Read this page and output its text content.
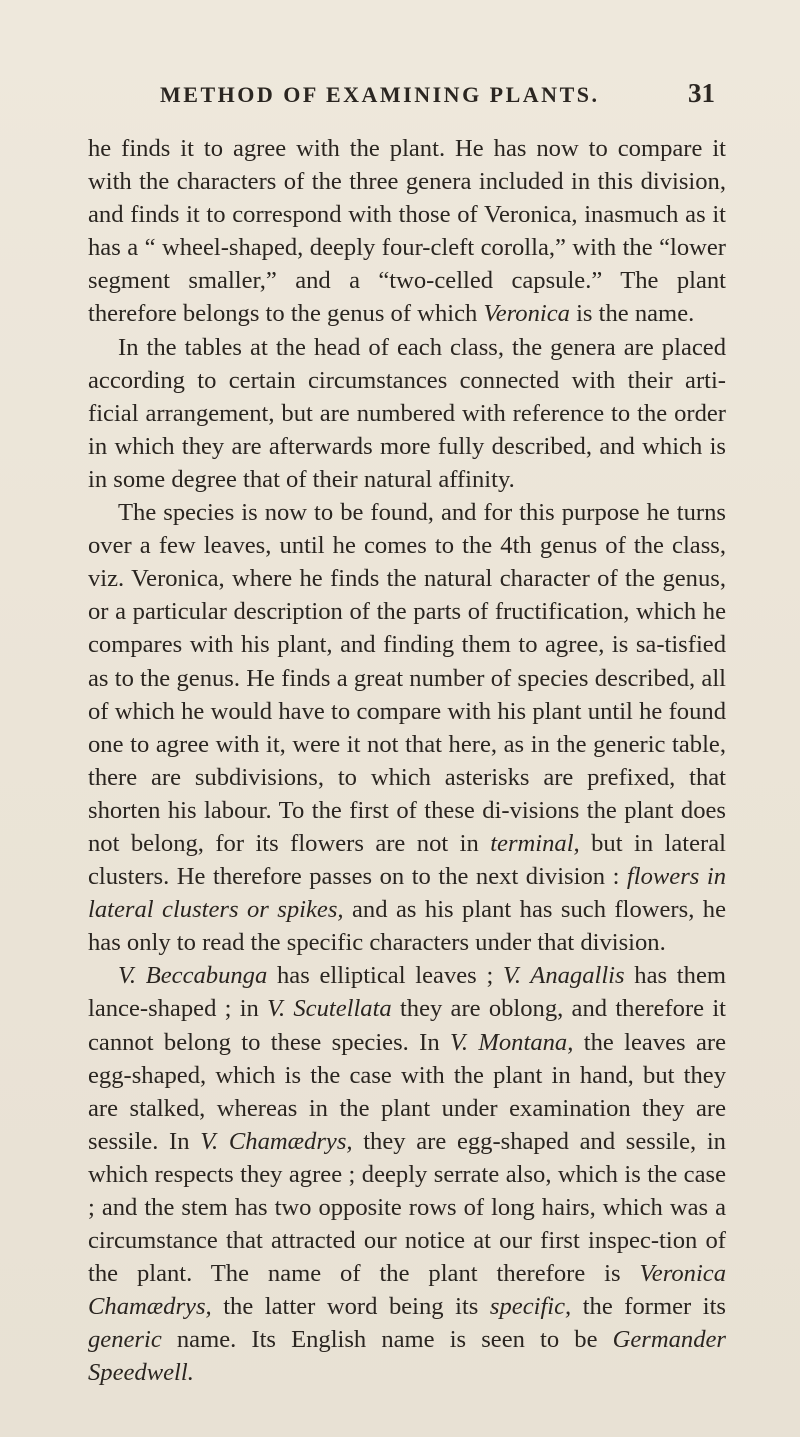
METHOD OF EXAMINING PLANTS.	31

he finds it to agree with the plant. He has now to compare it with the characters of the three genera included in this division, and finds it to correspond with those of Veronica, inasmuch as it has a “ wheel-shaped, deeply four-cleft corolla,” with the “lower segment smaller,” and a “two-celled capsule.” The plant therefore belongs to the genus of which Veronica is the name.

In the tables at the head of each class, the genera are placed according to certain circumstances connected with their arti-ficial arrangement, but are numbered with reference to the order in which they are afterwards more fully described, and which is in some degree that of their natural affinity.

The species is now to be found, and for this purpose he turns over a few leaves, until he comes to the 4th genus of the class, viz. Veronica, where he finds the natural character of the genus, or a particular description of the parts of fructification, which he compares with his plant, and finding them to agree, is sa-tisfied as to the genus. He finds a great number of species described, all of which he would have to compare with his plant until he found one to agree with it, were it not that here, as in the generic table, there are subdivisions, to which asterisks are prefixed, that shorten his labour. To the first of these di-visions the plant does not belong, for its flowers are not in terminal, but in lateral clusters. He therefore passes on to the next division : flowers in lateral clusters or spikes, and as his plant has such flowers, he has only to read the specific characters under that division.

V. Beccabunga has elliptical leaves ; V. Anagallis has them lance-shaped ; in V. Scutellata they are oblong, and therefore it cannot belong to these species. In V. Montana, the leaves are egg-shaped, which is the case with the plant in hand, but they are stalked, whereas in the plant under examination they are sessile. In V. Chamædrys, they are egg-shaped and sessile, in which respects they agree ; deeply serrate also, which is the case ; and the stem has two opposite rows of long hairs, which was a circumstance that attracted our notice at our first inspec-tion of the plant. The name of the plant therefore is Veronica Chamædrys, the latter word being its specific, the former its generic name. Its English name is seen to be Germander Speedwell.
